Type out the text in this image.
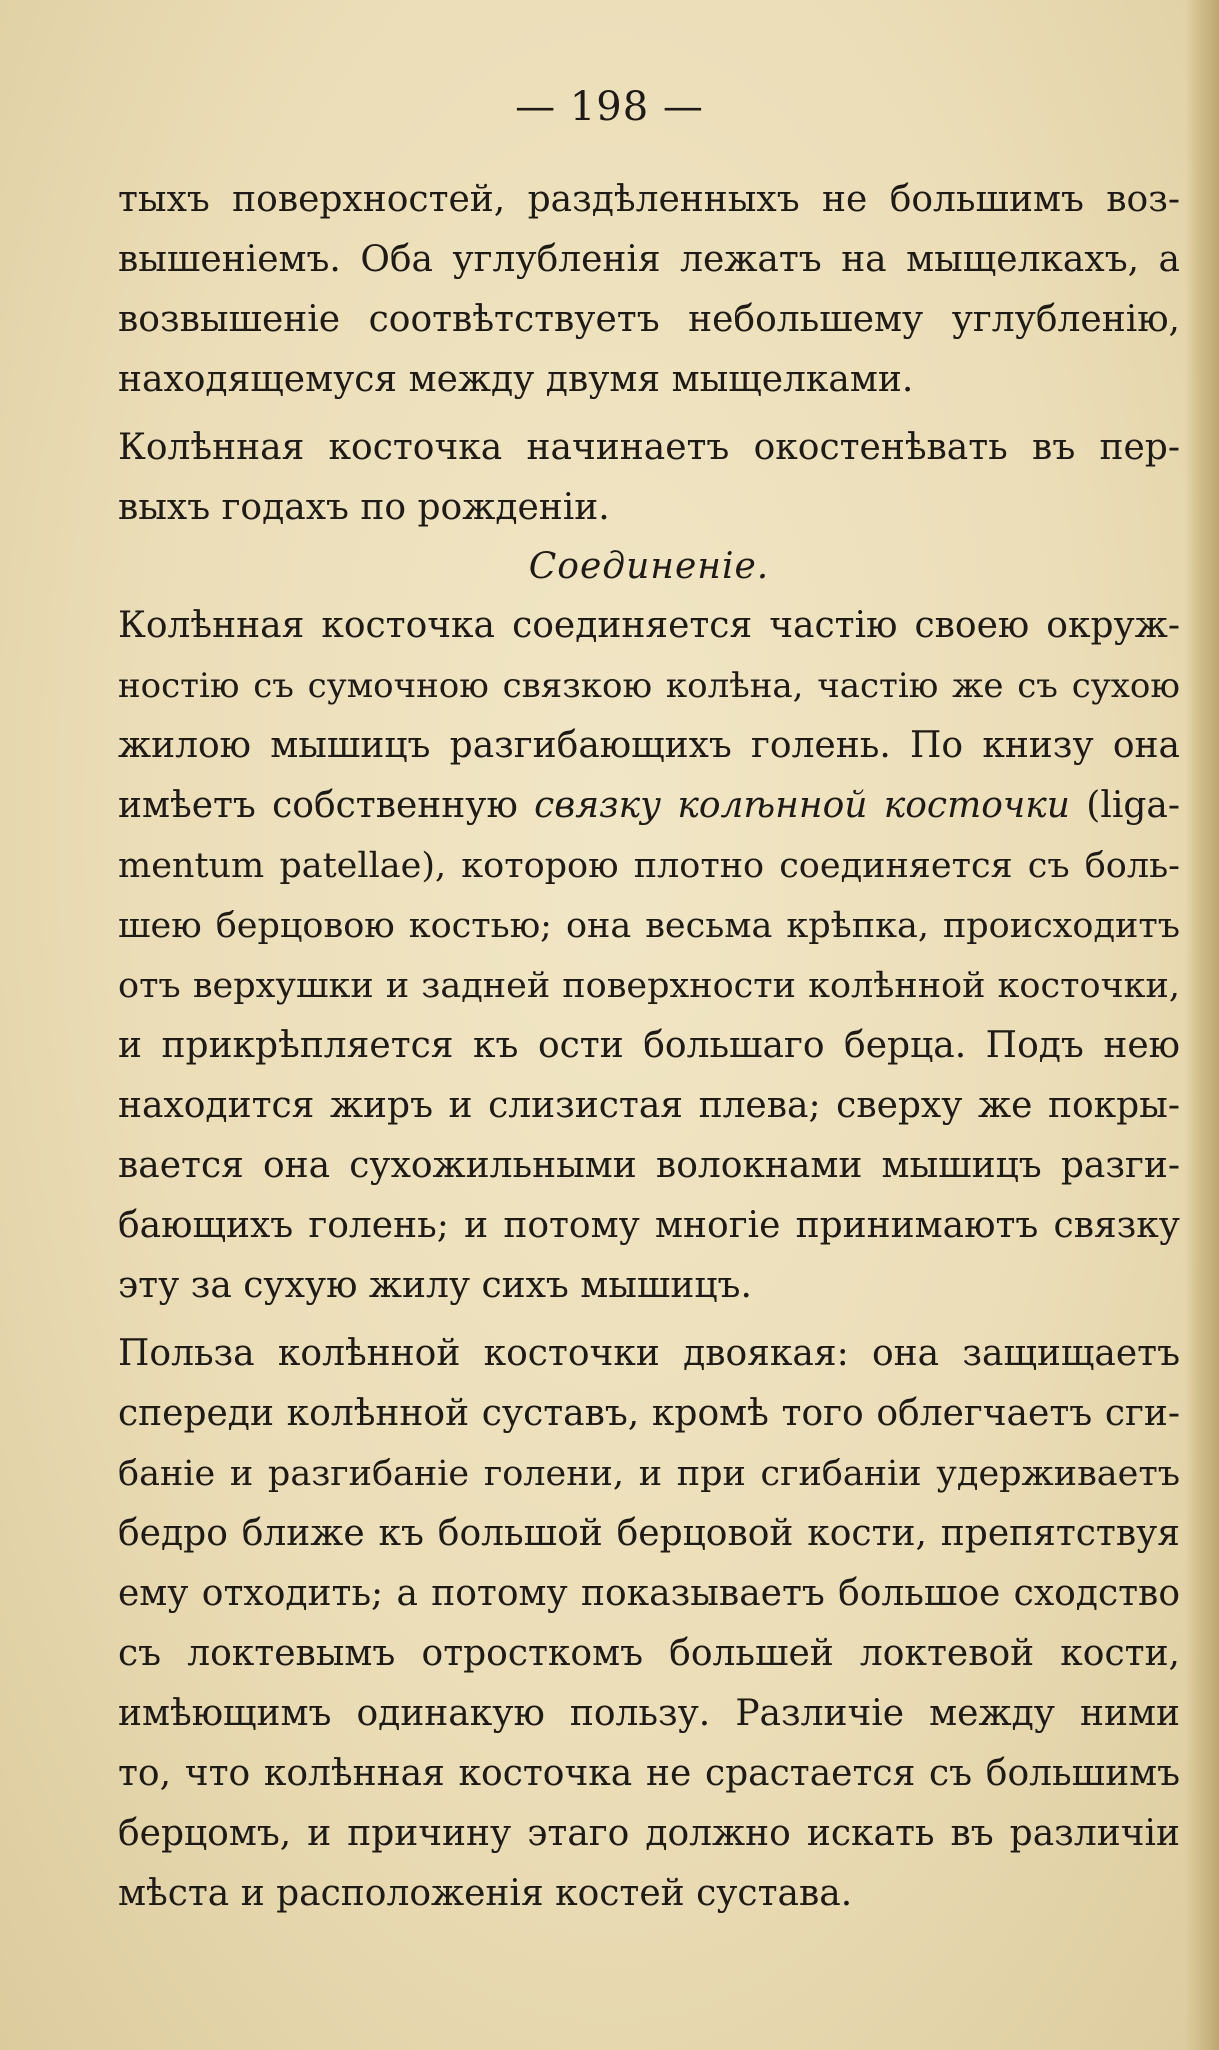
— 198 —
тыхъ поверхностей, раздѣленныхъ не большимъ воз-
вышеніемъ. Оба углубленія лежатъ на мыщелкахъ, а
возвышеніе соотвѣтствуетъ небольшему углубленію,
находящемуся между двумя мыщелками.
Колѣнная косточка начинаетъ окостенѣвать въ пер-
выхъ годахъ по рожденіи.
Соединеніе.
Колѣнная косточка соединяется частію своею окруж-
ностію съ сумочною связкою колѣна, частію же съ сухою
жилою мышицъ разгибающихъ голень. По книзу она
имѣетъ собственную связку колѣнной косточки (liga-
mentum patellae), которою плотно соединяется съ боль-
шею берцовою костью; она весьма крѣпка, происходитъ
отъ верхушки и задней поверхности колѣнной косточки,
и прикрѣпляется къ ости большаго берца. Подъ нею
находится жиръ и слизистая плева; сверху же покры-
вается она сухожильными волокнами мышицъ разги-
бающихъ голень; и потому многіе принимаютъ связку
эту за сухую жилу сихъ мышицъ.
Польза колѣнной косточки двоякая: она защищаетъ
спереди колѣнной суставъ, кромѣ того облегчаетъ сги-
баніе и разгибаніе голени, и при сгибаніи удерживаетъ
бедро ближе къ большой берцовой кости, препятствуя
ему отходить; а потому показываетъ большое сходство
съ локтевымъ отросткомъ большей локтевой кости,
имѣющимъ одинакую пользу. Различіе между ними
то, что колѣнная косточка не срастается съ большимъ
берцомъ, и причину этаго должно искать въ различіи
мѣста и расположенія костей сустава.
